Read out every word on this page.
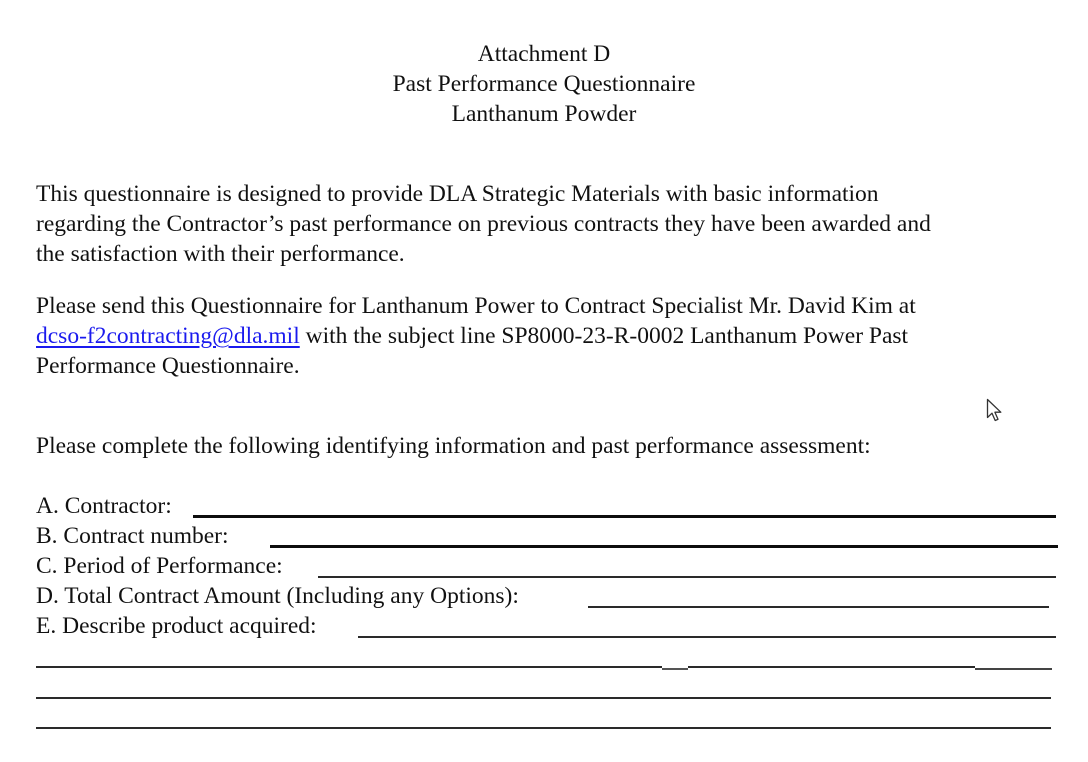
Attachment D
Past Performance Questionnaire
Lanthanum Powder
This questionnaire is designed to provide DLA Strategic Materials with basic information
regarding the Contractor’s past performance on previous contracts they have been awarded and
the satisfaction with their performance.
Please send this Questionnaire for Lanthanum Power to Contract Specialist Mr. David Kim at
dcso-f2contracting@dla.mil with the subject line SP8000-23-R-0002 Lanthanum Power Past
Performance Questionnaire.
Please complete the following identifying information and past performance assessment:
A. Contractor:
B. Contract number:
C. Period of Performance:
D. Total Contract Amount (Including any Options):
E. Describe product acquired:
